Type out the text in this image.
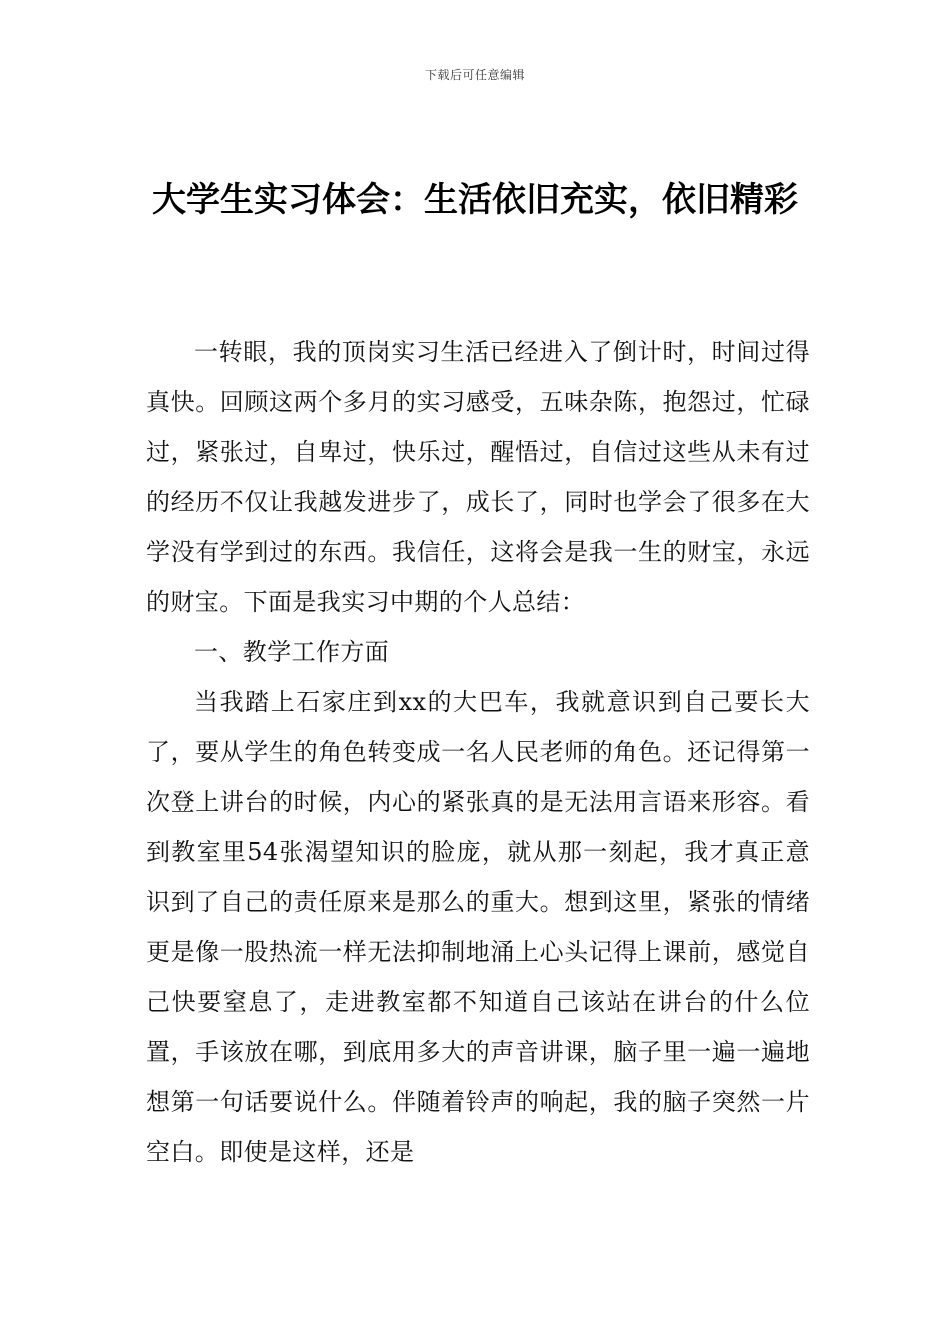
下载后可任意编辑
大学生实习体会：生活依旧充实，依旧精彩

一转眼，我的顶岗实习生活已经进入了倒计时，时间过得真快。回顾这两个多月的实习感受，五味杂陈，抱怨过，忙碌过，紧张过，自卑过，快乐过，醒悟过，自信过这些从未有过的经历不仅让我越发进步了，成长了，同时也学会了很多在大学没有学到过的东西。我信任，这将会是我一生的财宝，永远的财宝。下面是我实习中期的个人总结：

一、教学工作方面

当我踏上石家庄到xx的大巴车，我就意识到自己要长大了，要从学生的角色转变成一名人民老师的角色。还记得第一次登上讲台的时候，内心的紧张真的是无法用言语来形容。看到教室里54张渴望知识的脸庞，就从那一刻起，我才真正意识到了自己的责任原来是那么的重大。想到这里，紧张的情绪更是像一股热流一样无法抑制地涌上心头记得上课前，感觉自己快要窒息了，走进教室都不知道自己该站在讲台的什么位置，手该放在哪，到底用多大的声音讲课，脑子里一遍一遍地想第一句话要说什么。伴随着铃声的响起，我的脑子突然一片空白。即使是这样，还是
